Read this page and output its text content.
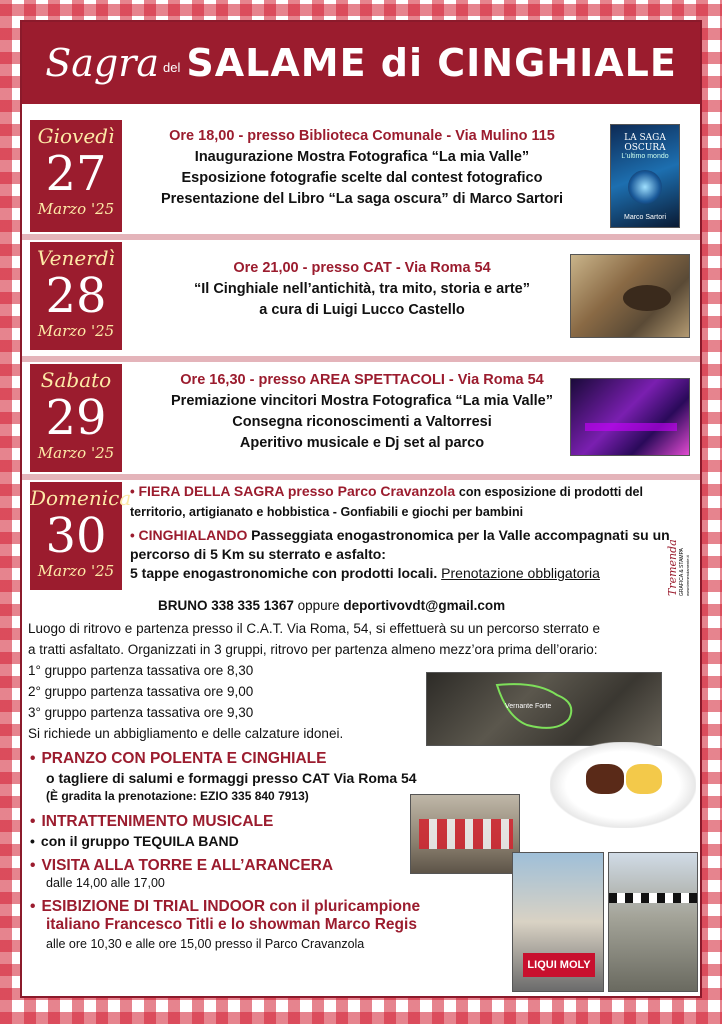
Sagra del SALAME di CINGHIALE
Giovedì
27
Marzo '25
Ore 18,00 - presso Biblioteca Comunale - Via Mulino 115
Inaugurazione Mostra Fotografica “La mia Valle”
Esposizione fotografie scelte dal contest fotografico
Presentazione del Libro “La saga oscura” di Marco Sartori
LA SAGA OSCURA
L'ultimo mondo
Marco Sartori
Venerdì
28
Marzo '25
Ore 21,00 - presso CAT - Via Roma 54
“Il Cinghiale nell’antichità, tra mito, storia e arte”
a cura di Luigi Lucco Castello
Sabato
29
Marzo '25
Ore 16,30 - presso AREA SPETTACOLI - Via Roma 54
Premiazione vincitori Mostra Fotografica “La mia Valle”
Consegna riconoscimenti a Valtorresi
Aperitivo musicale e Dj set al parco
Domenica
30
Marzo '25
• FIERA DELLA SAGRA presso Parco Cravanzola con esposizione di prodotti del territorio, artigianato e hobbistica - Gonfiabili e giochi per bambini
• CINGHIALANDO Passeggiata enogastronomica per la Valle accompagnati su un percorso di 5 Km su sterrato e asfalto:
5 tappe enogastronomiche con prodotti locali. Prenotazione obbligatoria	Tremenda GRAFICA & STAMPA www.tremendamente.it
BRUNO 338 335 1367 oppure deportivovdt@gmail.com
Luogo di ritrovo e partenza presso il C.A.T. Via Roma, 54, si effettuerà su un percorso sterrato e
a tratti asfaltato. Organizzati in 3 gruppi, ritrovo per partenza almeno mezz’ora prima dell’orario:
1° gruppo partenza tassativa ore 8,30
2° gruppo partenza tassativa ore 9,00
3° gruppo partenza tassativa ore 9,30
Si richiede un abbigliamento e delle calzature idonei.
Vernante Forte
• PRANZO CON POLENTA E CINGHIALE
o tagliere di salumi e formaggi presso CAT Via Roma 54
(È gradita la prenotazione: EZIO 335 840 7913)
• INTRATTENIMENTO MUSICALE
• con il gruppo TEQUILA BAND
• VISITA ALLA TORRE E ALL’ARANCERA
dalle 14,00 alle 17,00
• ESIBIZIONE DI TRIAL INDOOR con il pluricampione
italiano Francesco Titli e lo showman Marco Regis
alle ore 10,30 e alle ore 15,00 presso il Parco Cravanzola
LIQUI MOLY
